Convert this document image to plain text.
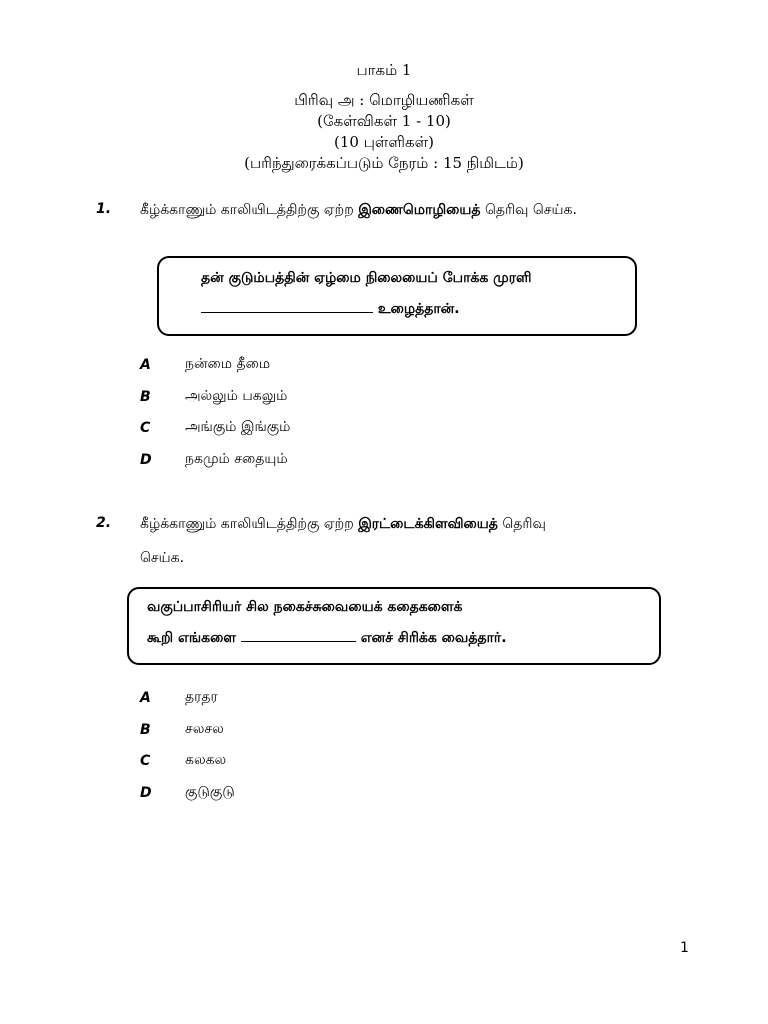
பாகம் 1
பிரிவு அ : மொழியணிகள்
(கேள்விகள் 1 - 10)
(10 புள்ளிகள்)
(பரிந்துரைக்கப்படும் நேரம் : 15 நிமிடம்)
1. கீழ்க்காணும் காலியிடத்திற்கு ஏற்ற இணைமொழியைத் தெரிவு செய்க.
தன் குடும்பத்தின் ஏழ்மை நிலையைப் போக்க முரளி
உழைத்தான்.
A நன்மை தீமை
B அல்லும் பகலும்
C அங்கும் இங்கும்
D நகமும் சதையும்
2. கீழ்க்காணும் காலியிடத்திற்கு ஏற்ற இரட்டைக்கிளவியைத் தெரிவு
செய்க.
வகுப்பாசிரியர் சில நகைச்சுவையைக் கதைகளைக்
கூறி எங்களை	எனச் சிரிக்க வைத்தார்.
A தரதர
B சலசல
C கலகல
D குடுகுடு
1
